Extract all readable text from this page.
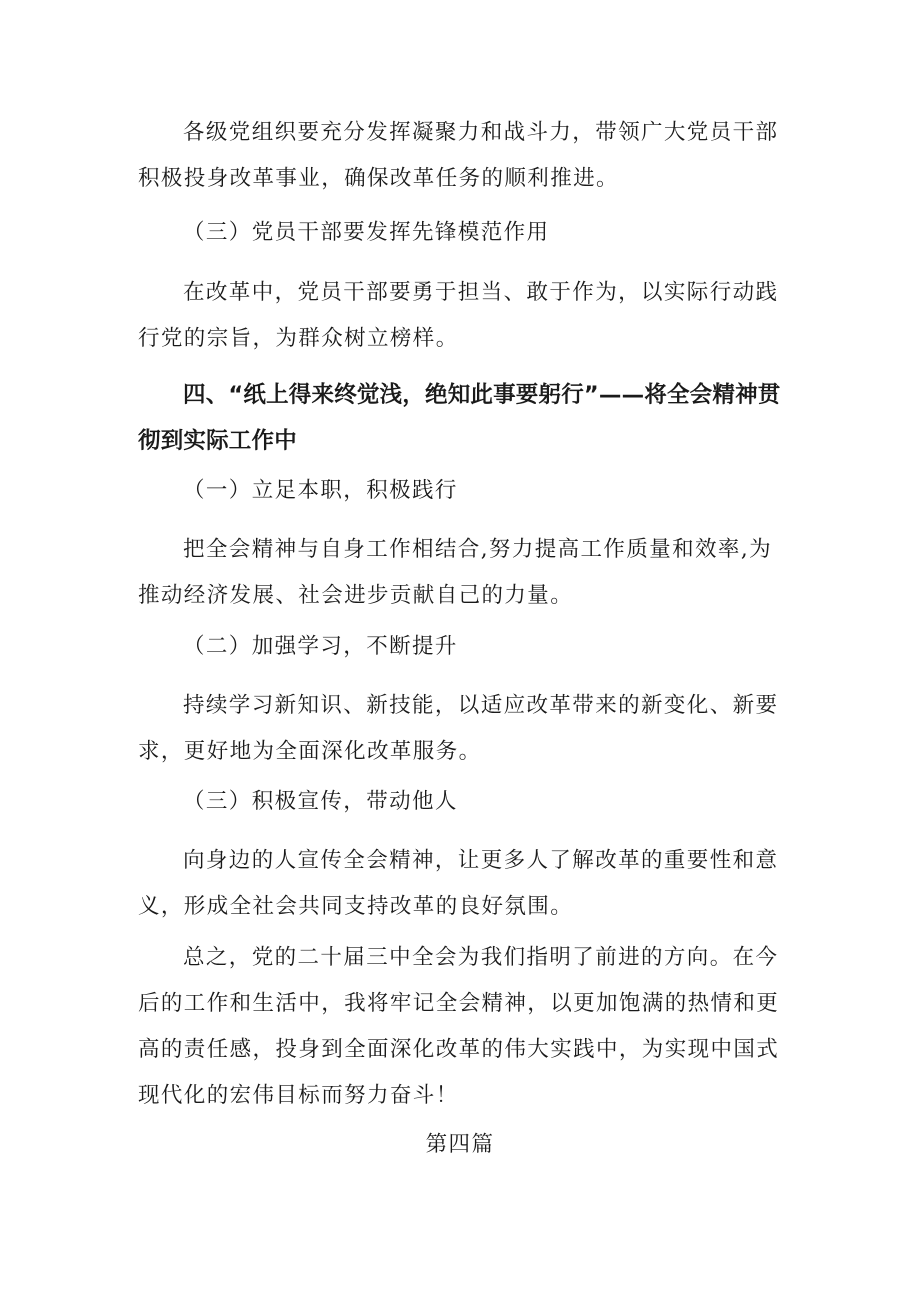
各级党组织要充分发挥凝聚力和战斗力，带领广大党员干部积极投身改革事业，确保改革任务的顺利推进。
（三）党员干部要发挥先锋模范作用
在改革中，党员干部要勇于担当、敢于作为，以实际行动践行党的宗旨，为群众树立榜样。
四、“纸上得来终觉浅，绝知此事要躬行”——将全会精神贯彻到实际工作中
（一）立足本职，积极践行
把全会精神与自身工作相结合,努力提高工作质量和效率,为推动经济发展、社会进步贡献自己的力量。
（二）加强学习，不断提升
持续学习新知识、新技能，以适应改革带来的新变化、新要求，更好地为全面深化改革服务。
（三）积极宣传，带动他人
向身边的人宣传全会精神，让更多人了解改革的重要性和意义，形成全社会共同支持改革的良好氛围。
总之，党的二十届三中全会为我们指明了前进的方向。在今后的工作和生活中，我将牢记全会精神，以更加饱满的热情和更高的责任感，投身到全面深化改革的伟大实践中，为实现中国式现代化的宏伟目标而努力奋斗！
第四篇
